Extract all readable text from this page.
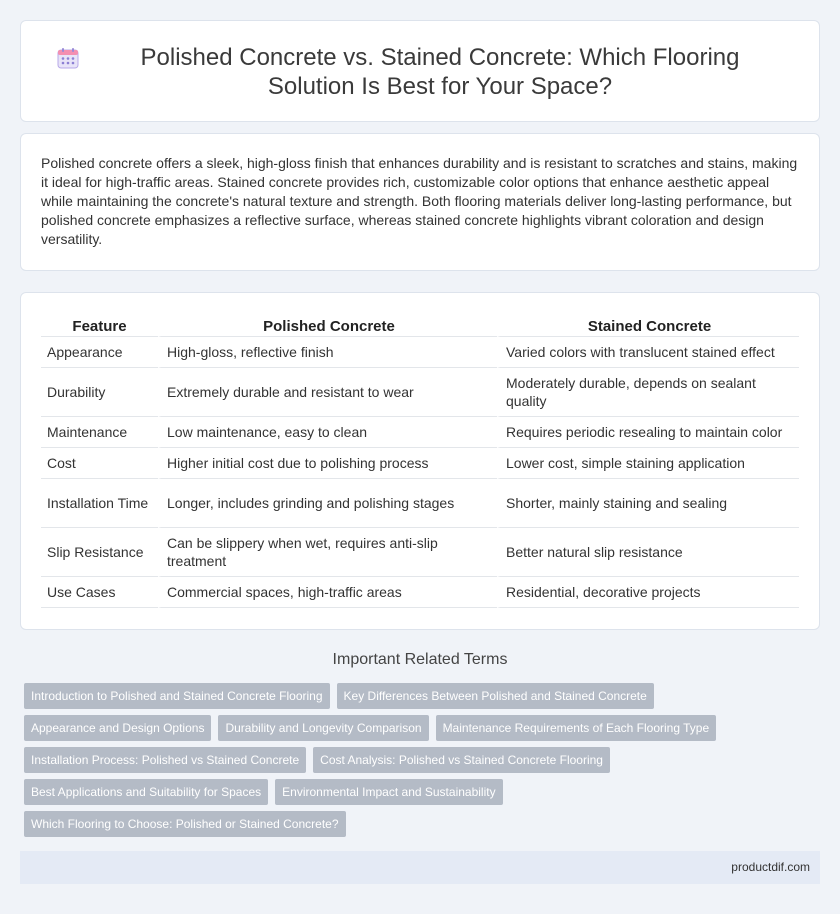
Polished Concrete vs. Stained Concrete: Which Flooring Solution Is Best for Your Space?

Polished concrete offers a sleek, high-gloss finish that enhances durability and is resistant to scratches and stains, making it ideal for high-traffic areas. Stained concrete provides rich, customizable color options that enhance aesthetic appeal while maintaining the concrete's natural texture and strength. Both flooring materials deliver long-lasting performance, but polished concrete emphasizes a reflective surface, whereas stained concrete highlights vibrant coloration and design versatility.

Feature	Polished Concrete	Stained Concrete
Appearance	High-gloss, reflective finish	Varied colors with translucent stained effect
Durability	Extremely durable and resistant to wear	Moderately durable, depends on sealant quality
Maintenance	Low maintenance, easy to clean	Requires periodic resealing to maintain color
Cost	Higher initial cost due to polishing process	Lower cost, simple staining application
Installation Time	Longer, includes grinding and polishing stages	Shorter, mainly staining and sealing
Slip Resistance	Can be slippery when wet, requires anti-slip treatment	Better natural slip resistance
Use Cases	Commercial spaces, high-traffic areas	Residential, decorative projects
Important Related Terms
Introduction to Polished and Stained Concrete Flooring	Key Differences Between Polished and Stained Concrete
Appearance and Design Options	Durability and Longevity Comparison	Maintenance Requirements of Each Flooring Type
Installation Process: Polished vs Stained Concrete	Cost Analysis: Polished vs Stained Concrete Flooring
Best Applications and Suitability for Spaces	Environmental Impact and Sustainability
Which Flooring to Choose: Polished or Stained Concrete?
productdif.com
